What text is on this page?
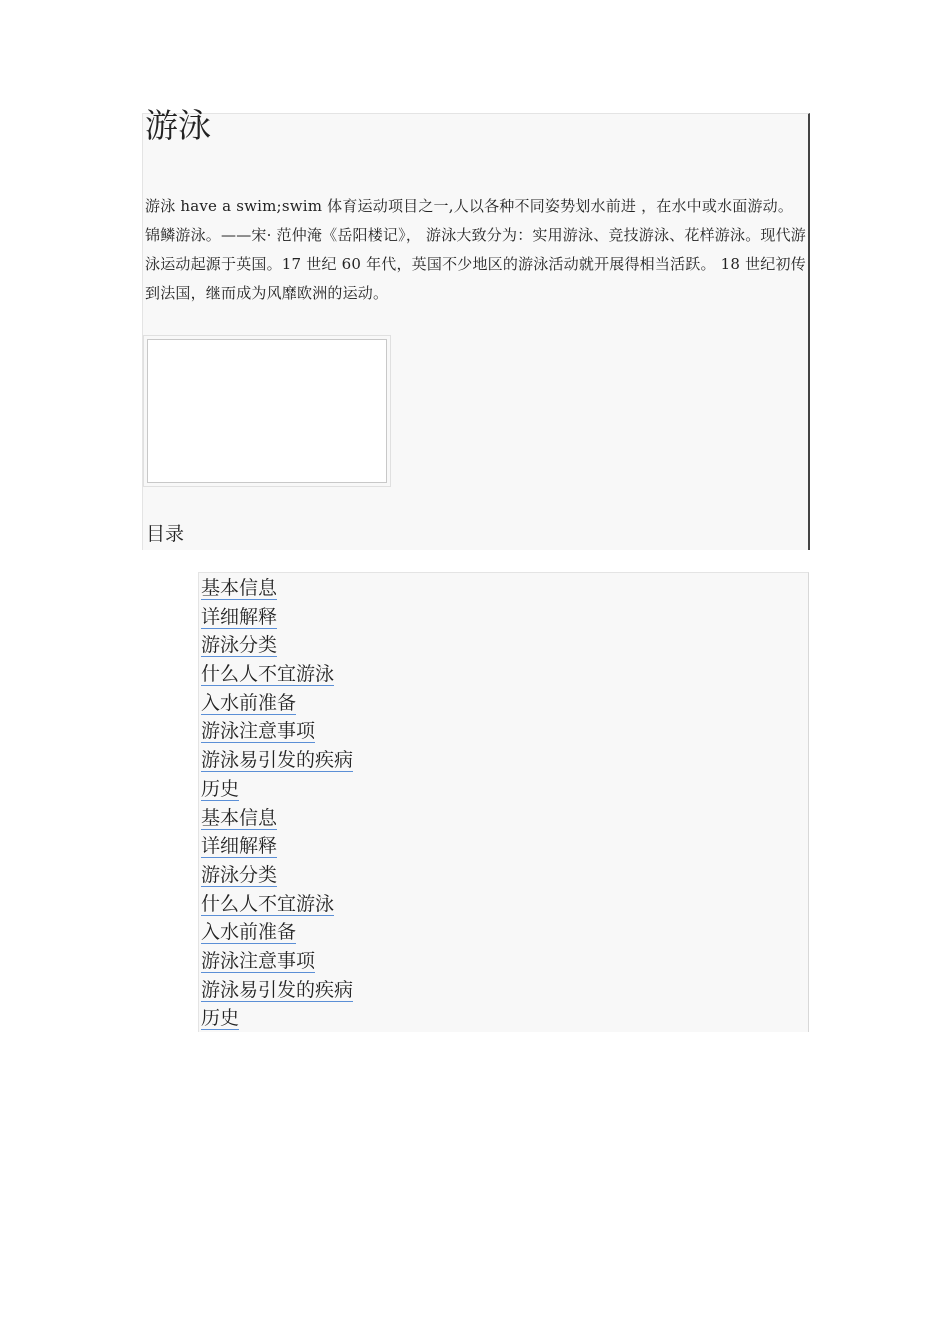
游泳

游泳 have a swim;swim 体育运动项目之一,人以各种不同姿势划水前进 ，在水中或水面游动。 锦鳞游泳。——宋· 范仲淹《岳阳楼记》， 游泳大致分为：实用游泳、竞技游泳、花样游泳。现代游泳运动起源于英国。17 世纪 60 年代，英国不少地区的游泳活动就开展得相当活跃。 18 世纪初传到法国，继而成为风靡欧洲的运动。

目录
基本信息
详细解释
游泳分类
什么人不宜游泳
入水前准备
游泳注意事项
游泳易引发的疾病
历史
基本信息
详细解释
游泳分类
什么人不宜游泳
入水前准备
游泳注意事项
游泳易引发的疾病
历史
